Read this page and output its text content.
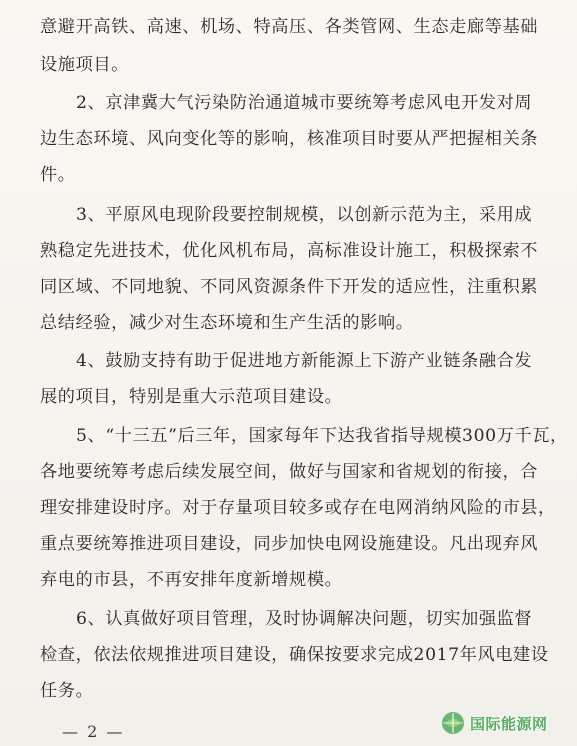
意避开高铁、高速、机场、特高压、各类管网、生态走廊等基础
设施项目。
2、京津冀大气污染防治通道城市要统筹考虑风电开发对周
边生态环境、风向变化等的影响，核准项目时要从严把握相关条
件。
3、平原风电现阶段要控制规模，以创新示范为主，采用成
熟稳定先进技术，优化风机布局，高标准设计施工，积极探索不
同区域、不同地貌、不同风资源条件下开发的适应性，注重积累
总结经验，减少对生态环境和生产生活的影响。
4、鼓励支持有助于促进地方新能源上下游产业链条融合发
展的项目，特别是重大示范项目建设。
5、“十三五”后三年，国家每年下达我省指导规模300万千瓦，
各地要统筹考虑后续发展空间，做好与国家和省规划的衔接，合
理安排建设时序。对于存量项目较多或存在电网消纳风险的市县，
重点要统筹推进项目建设，同步加快电网设施建设。凡出现弃风
弃电的市县，不再安排年度新增规模。
6、认真做好项目管理，及时协调解决问题，切实加强监督
检查，依法依规推进项目建设，确保按要求完成2017年风电建设
任务。
— 2 —	国际能源网
